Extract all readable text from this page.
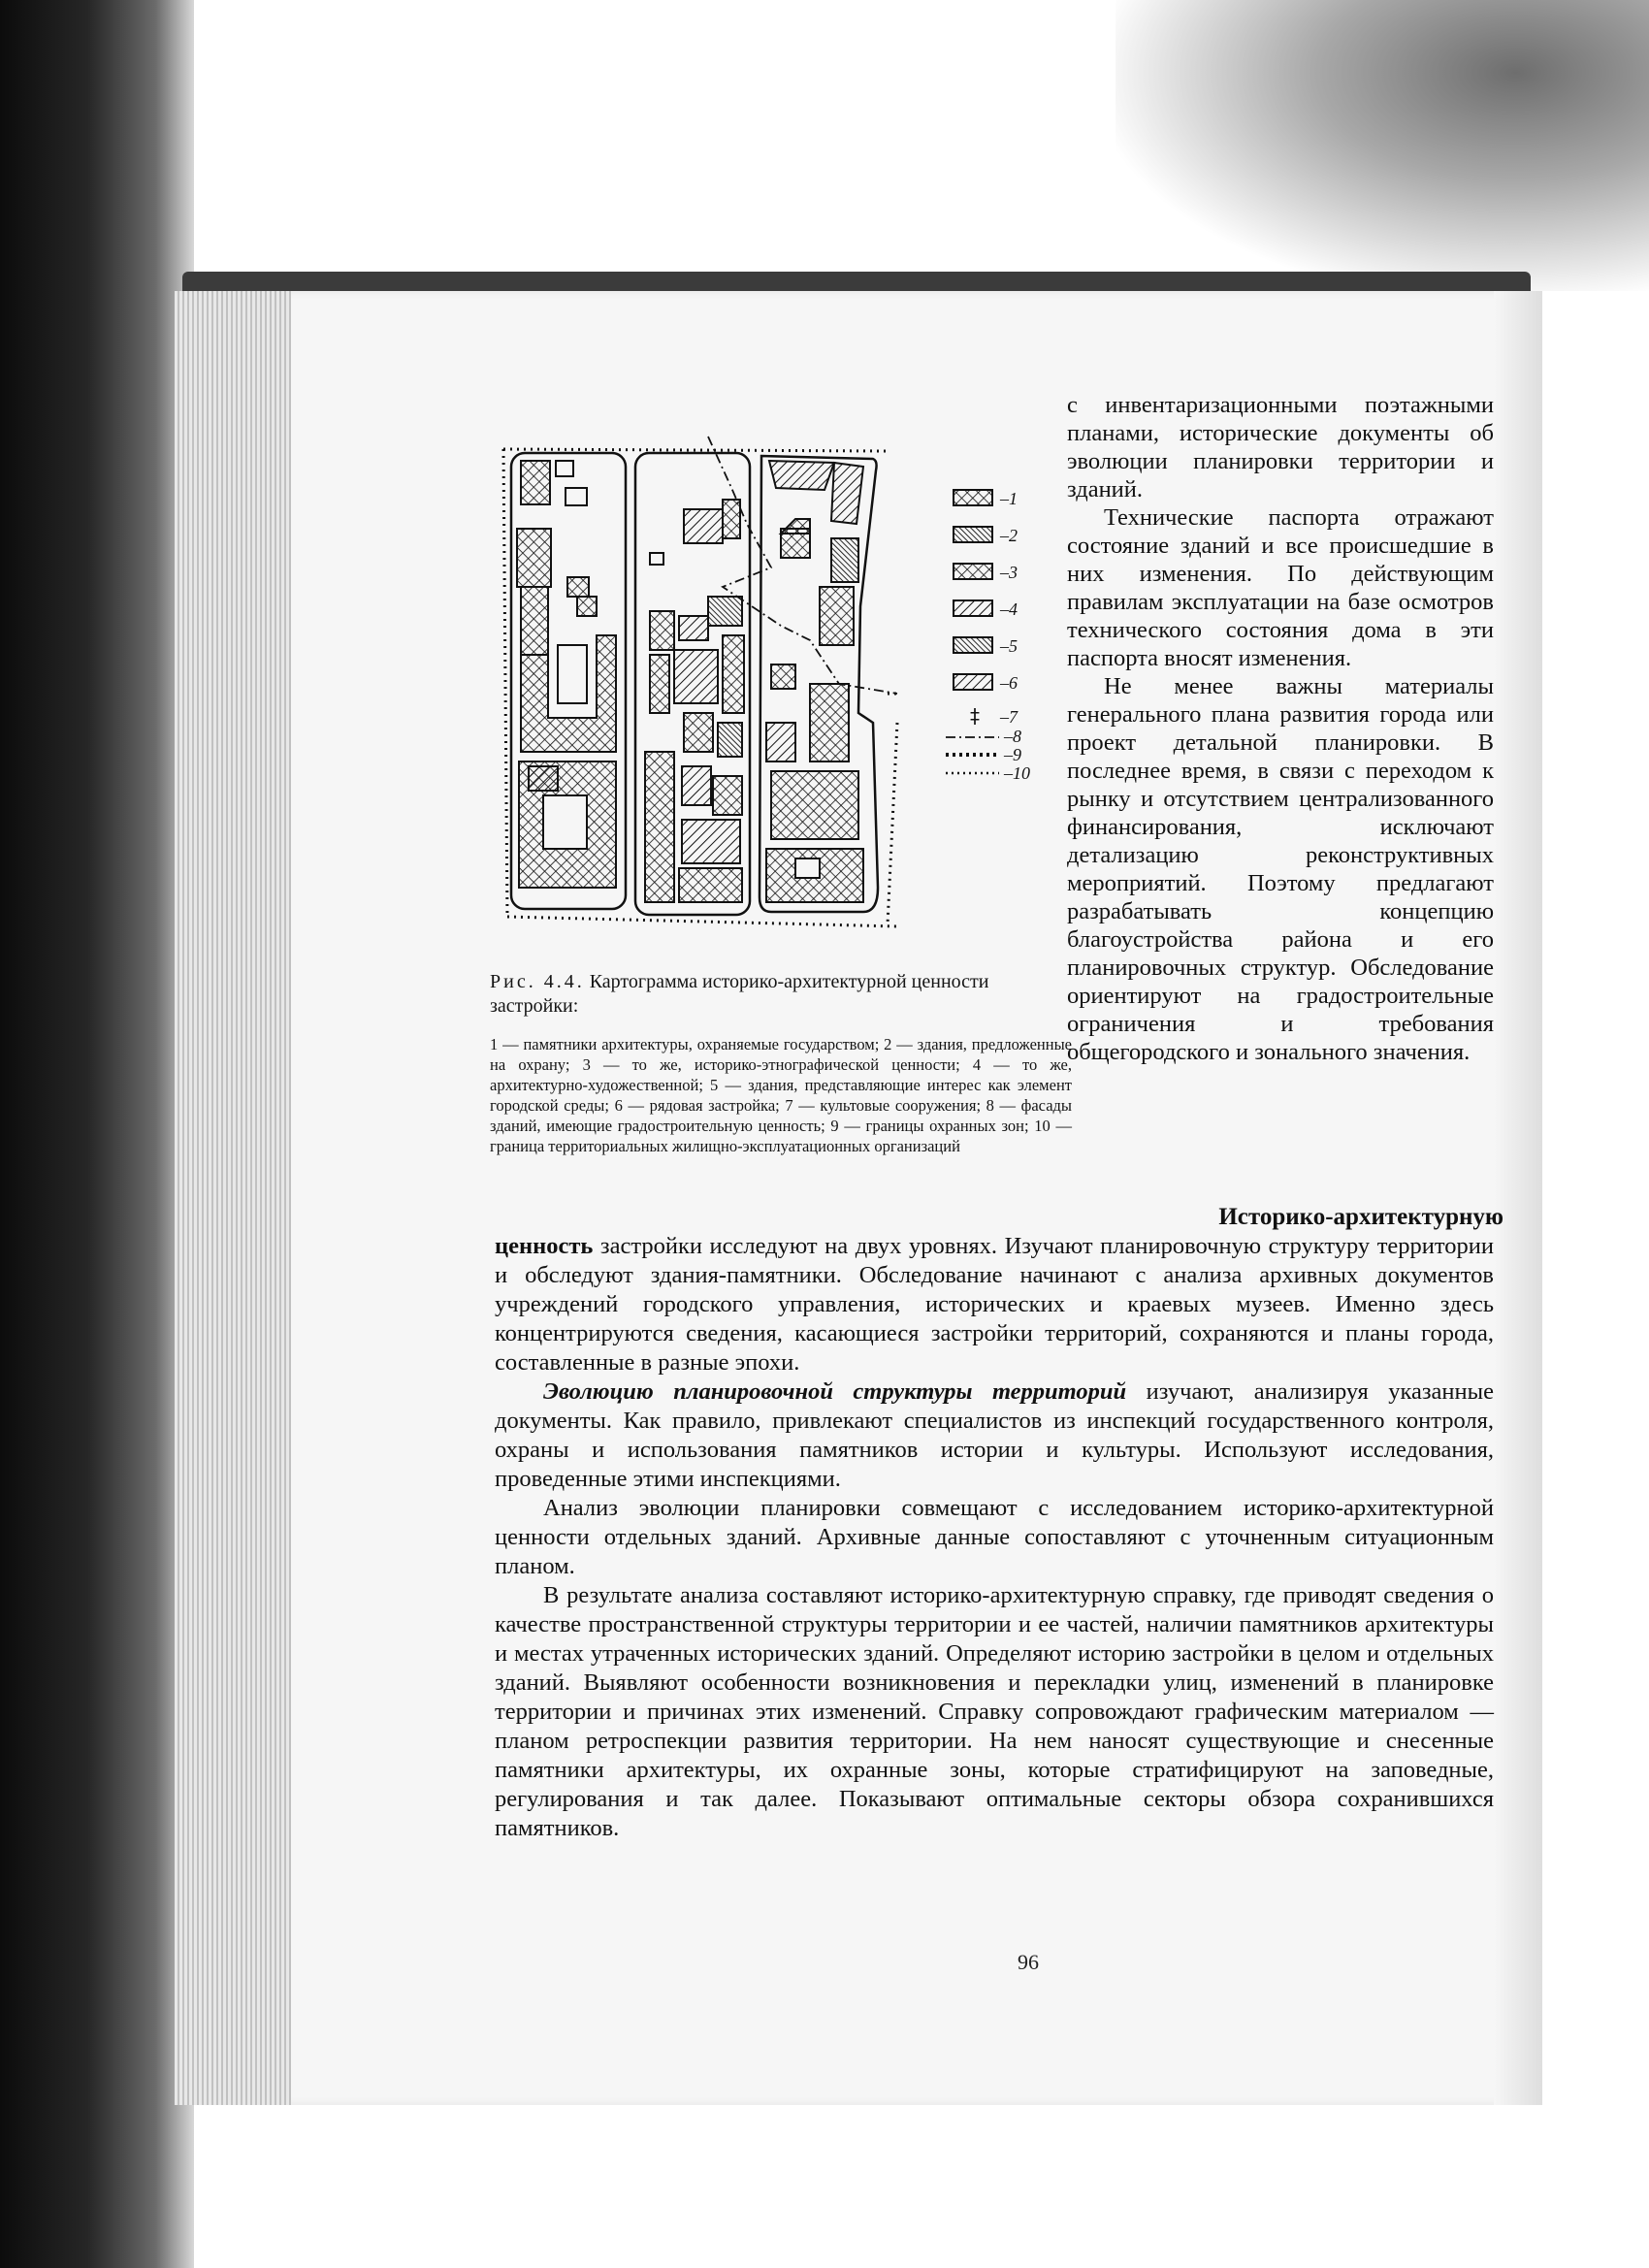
‡
–1
–2
–3
–4
–5
–6
–7
–8
–9
–10

Рис. 4.4. Картограмма историко-архитектурной ценности застройки:

1 — памятники архитектуры, охраняемые государством; 2 — здания, предложенные на охрану; 3 — то же, историко-этнографической ценности; 4 — то же, архитектурно-художественной; 5 — здания, представляющие интерес как элемент городской среды; 6 — рядовая застройка; 7 — культовые сооружения; 8 — фасады зданий, имеющие градостроительную ценность; 9 — границы охранных зон; 10 — граница территориальных жилищно-эксплуатационных организаций

с инвентаризационными поэтажными планами, исторические документы об эволюции планировки территории и зданий.

Технические паспорта отражают состояние зданий и все происшедшие в них изменения. По действующим правилам эксплуатации на базе осмотров технического состояния дома в эти паспорта вносят изменения.

Не менее важны материалы генерального плана развития города или проект детальной планировки. В последнее время, в связи с переходом к рынку и отсутствием централизованного финансирования, исключают детализацию реконструктивных мероприятий. Поэтому предлагают разрабатывать концепцию благоустройства района и его планировочных структур. Обследование ориентируют на градостроительные ограничения и требования общегородского и зонального значения.

Историко-архитектурную

ценность застройки исследуют на двух уровнях. Изучают планировочную структуру территории и обследуют здания-памятники. Обследование начинают с анализа архивных документов учреждений городского управления, исторических и краевых музеев. Именно здесь концентрируются сведения, касающиеся застройки территорий, сохраняются и планы города, составленные в разные эпохи.

Эволюцию планировочной структуры территорий изучают, анализируя указанные документы. Как правило, привлекают специалистов из инспекций государственного контроля, охраны и использования памятников истории и культуры. Используют исследования, проведенные этими инспекциями.

Анализ эволюции планировки совмещают с исследованием историко-архитектурной ценности отдельных зданий. Архивные данные сопоставляют с уточненным ситуационным планом.

В результате анализа составляют историко-архитектурную справку, где приводят сведения о качестве пространственной структуры территории и ее частей, наличии памятников архитектуры и местах утраченных исторических зданий. Определяют историю застройки в целом и отдельных зданий. Выявляют особенности возникновения и перекладки улиц, изменений в планировке территории и причинах этих изменений. Справку сопровождают графическим материалом — планом ретроспекции развития территории. На нем наносят существующие и снесенные памятники архитектуры, их охранные зоны, которые стратифицируют на заповедные, регулирования и так далее. Показывают оптимальные секторы обзора сохранившихся памятников.

96
